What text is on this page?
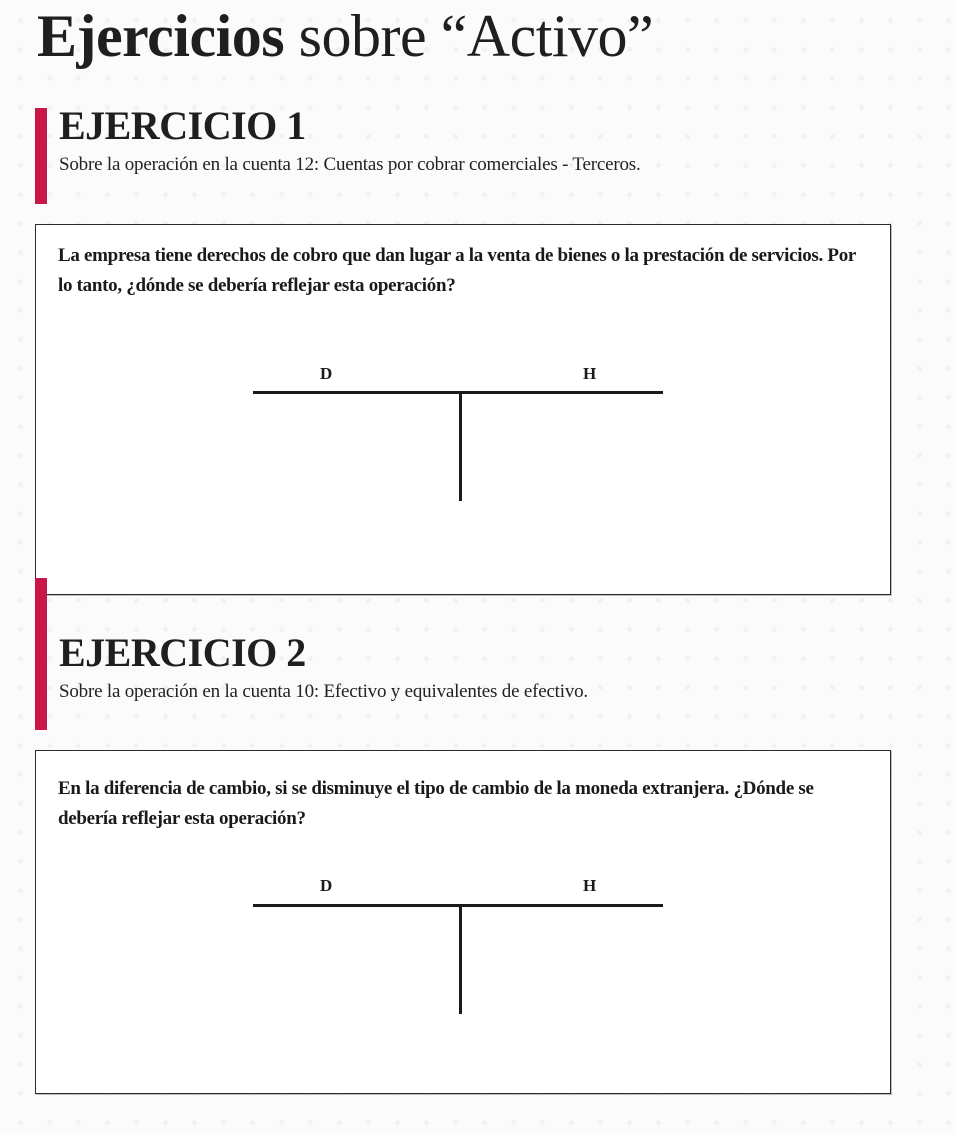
Ejercicios sobre “Activo”
EJERCICIO 1

Sobre la operación en la cuenta 12: Cuentas por cobrar comerciales - Terceros.

La empresa tiene derechos de cobro que dan lugar a la venta de bienes o la prestación de servicios. Por lo tanto, ¿dónde se debería reflejar esta operación?

D	H
EJERCICIO 2

Sobre la operación en la cuenta 10: Efectivo y equivalentes de efectivo.

En la diferencia de cambio, si se disminuye el tipo de cambio de la moneda extranjera. ¿Dónde se debería reflejar esta operación?

D	H
